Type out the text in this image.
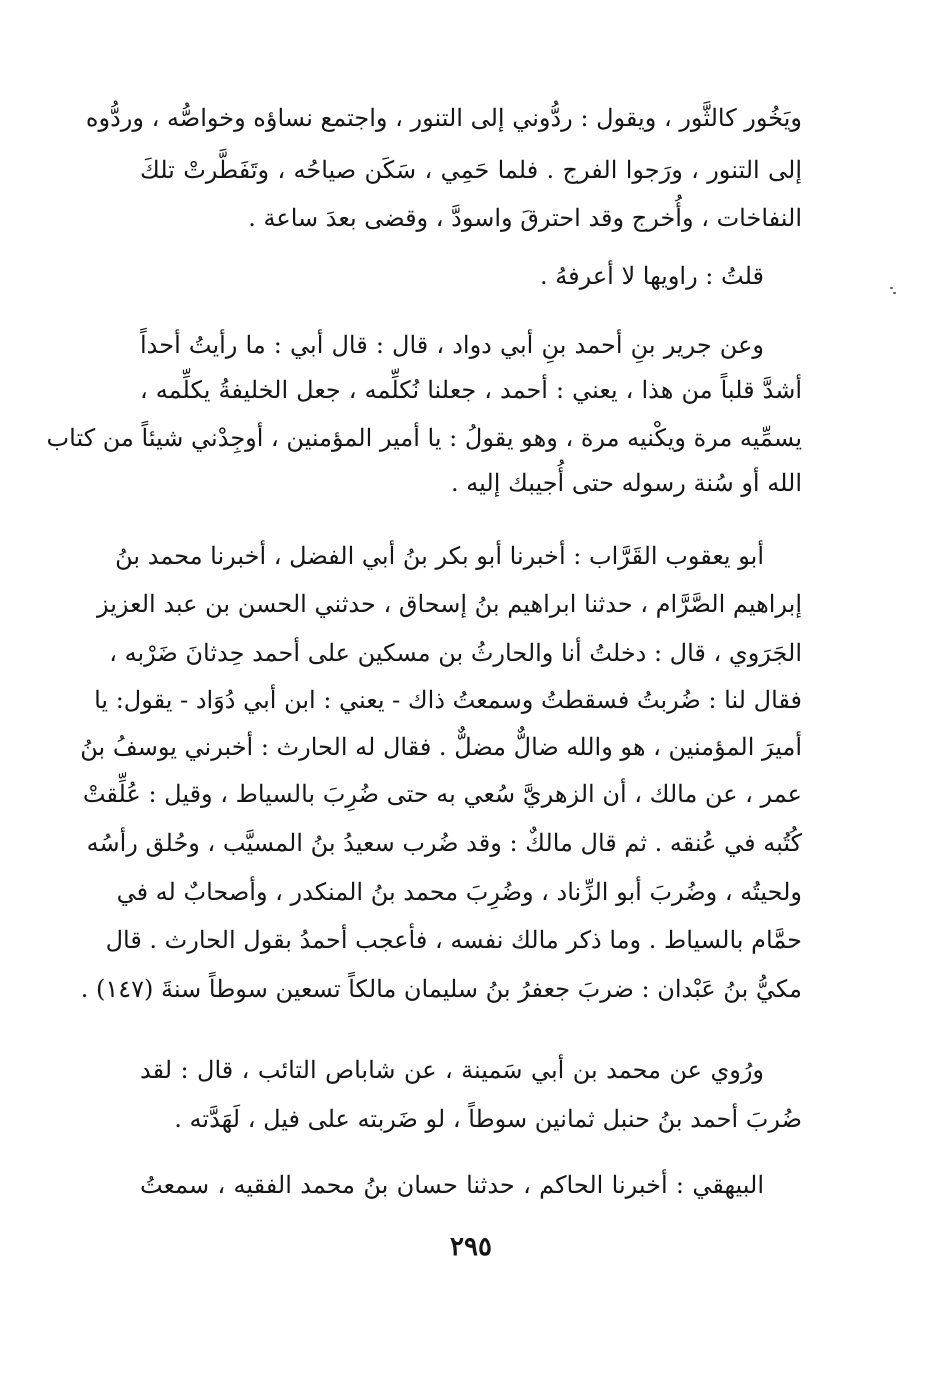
ويَخُور كالثَّور ، ويقول : ردُّوني إلى التنور ، واجتمع نساؤه وخواصُّه ، وردُّوه
إلى التنور ، ورَجوا الفرج . فلما حَمِي ، سَكَن صياحُه ، وتَفَطَّرتْ تلكَ
النفاخات ، وأُخرج وقد احترقَ واسودَّ ، وقضى بعدَ ساعة .
قلتُ : راويها لا أعرفهُ .
وعن جرير بنِ أحمد بنِ أبي دواد ، قال : قال أبي : ما رأيتُ أحداً
أشدَّ قلباً من هذا ، يعني : أحمد ، جعلنا نُكلِّمه ، جعل الخليفةُ يكلِّمه ،
يسمِّيه مرة ويكْنيه مرة ، وهو يقولُ : يا أمير المؤمنين ، أوجِدْني شيئاً من كتاب
الله أو سُنة رسوله حتى أُجيبك إليه .
أبو يعقوب القَرَّاب : أخبرنا أبو بكر بنُ أبي الفضل ، أخبرنا محمد بنُ
إبراهيم الصَّرَّام ، حدثنا ابراهيم بنُ إسحاق ، حدثني الحسن بن عبد العزيز
الجَرَوي ، قال : دخلتُ أنا والحارثُ بن مسكين على أحمد حِدثانَ ضَرْبه ،
فقال لنا : ضُربتُ فسقطتُ وسمعتُ ذاك - يعني : ابن أبي دُوَاد - يقول: يا
أميرَ المؤمنين ، هو والله ضالٌّ مضلٌّ . فقال له الحارث : أخبرني يوسفُ بنُ
عمر ، عن مالك ، أن الزهريَّ سُعي به حتى ضُرِبَ بالسياط ، وقيل : عُلِّقتْ
كُتُبه في عُنقه . ثم قال مالكٌ : وقد ضُرب سعيدُ بنُ المسيَّب ، وحُلق رأسُه
ولحيتُه ، وضُربَ أبو الزِّناد ، وضُرِبَ محمد بنُ المنكدر ، وأصحابٌ له في
حمَّام بالسياط . وما ذكر مالك نفسه ، فأعجب أحمدُ بقول الحارث . قال
مكيُّ بنُ عَبْدان : ضربَ جعفرُ بنُ سليمان مالكاً تسعين سوطاً سنةَ (١٤٧) .
ورُوي عن محمد بن أبي سَمينة ، عن شاباص التائب ، قال : لقد
ضُربَ أحمد بنُ حنبل ثمانين سوطاً ، لو ضَربته على فيل ، لَهَدَّته .
البيهقي : أخبرنا الحاكم ، حدثنا حسان بنُ محمد الفقيه ، سمعتُ
٢٩٥
